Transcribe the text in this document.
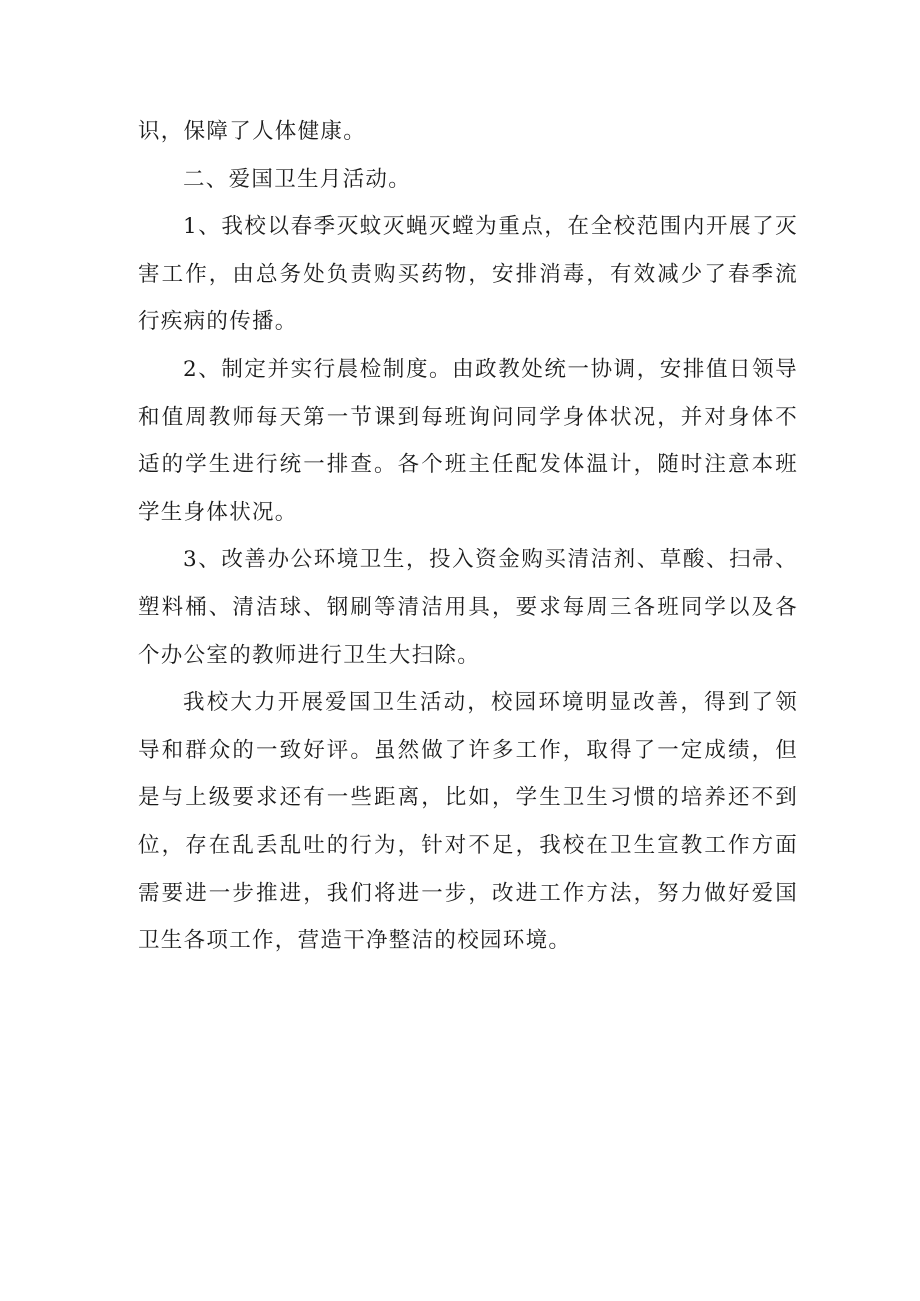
识，保障了人体健康。

二、爱国卫生月活动。

1、我校以春季灭蚊灭蝇灭螳为重点，在全校范围内开展了灭害工作，由总务处负责购买药物，安排消毒，有效减少了春季流行疾病的传播。

2、制定并实行晨检制度。由政教处统一协调，安排值日领导和值周教师每天第一节课到每班询问同学身体状况，并对身体不适的学生进行统一排查。各个班主任配发体温计，随时注意本班学生身体状况。

3、改善办公环境卫生，投入资金购买清洁剂、草酸、扫帚、塑料桶、清洁球、钢刷等清洁用具，要求每周三各班同学以及各个办公室的教师进行卫生大扫除。

我校大力开展爱国卫生活动，校园环境明显改善，得到了领导和群众的一致好评。虽然做了许多工作，取得了一定成绩，但是与上级要求还有一些距离，比如，学生卫生习惯的培养还不到位，存在乱丢乱吐的行为，针对不足，我校在卫生宣教工作方面需要进一步推进，我们将进一步，改进工作方法，努力做好爱国卫生各项工作，营造干净整洁的校园环境。
